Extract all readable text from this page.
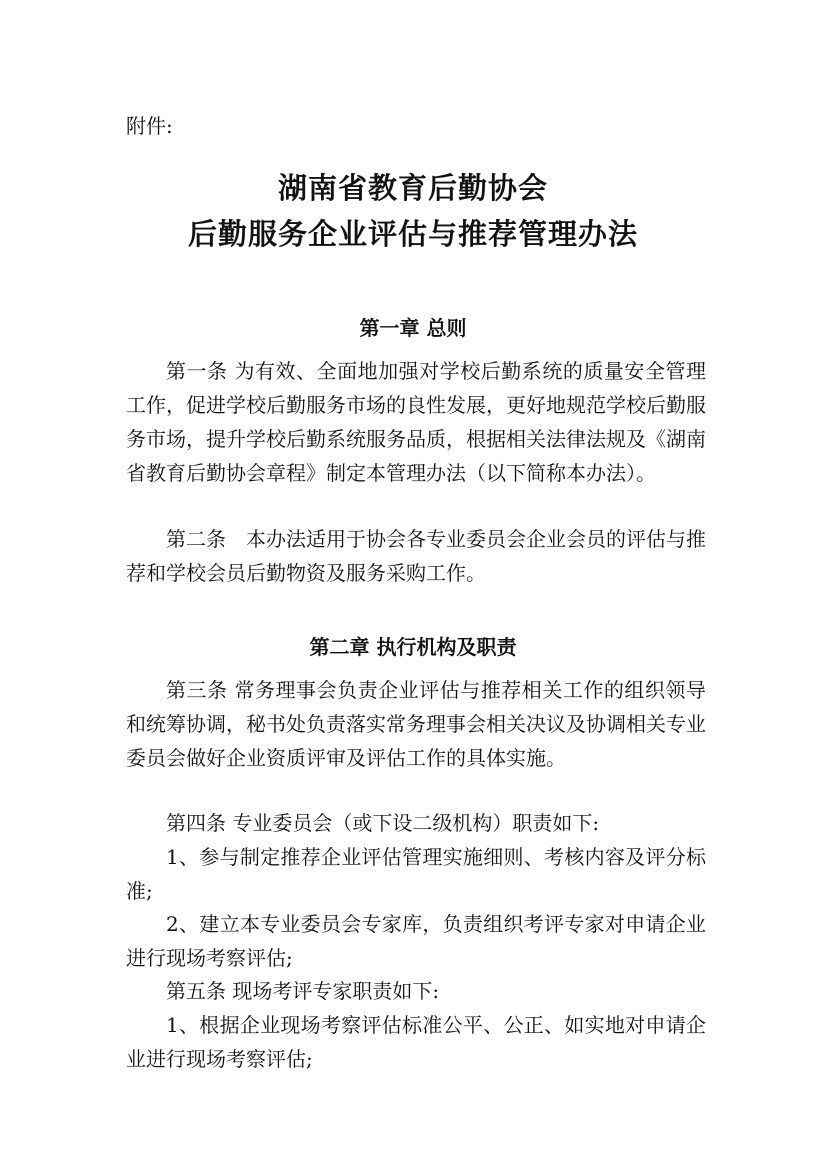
附件:
湖南省教育后勤协会
后勤服务企业评估与推荐管理办法
第一章 总则
第一条 为有效、全面地加强对学校后勤系统的质量安全管理工作，促进学校后勤服务市场的良性发展，更好地规范学校后勤服务市场，提升学校后勤系统服务品质，根据相关法律法规及《湖南省教育后勤协会章程》制定本管理办法（以下简称本办法）。
第二条　本办法适用于协会各专业委员会企业会员的评估与推荐和学校会员后勤物资及服务采购工作。
第二章 执行机构及职责
第三条 常务理事会负责企业评估与推荐相关工作的组织领导和统筹协调，秘书处负责落实常务理事会相关决议及协调相关专业委员会做好企业资质评审及评估工作的具体实施。
第四条 专业委员会（或下设二级机构）职责如下:
1、参与制定推荐企业评估管理实施细则、考核内容及评分标准;
2、建立本专业委员会专家库，负责组织考评专家对申请企业进行现场考察评估;
第五条 现场考评专家职责如下:
1、根据企业现场考察评估标准公平、公正、如实地对申请企业进行现场考察评估;
